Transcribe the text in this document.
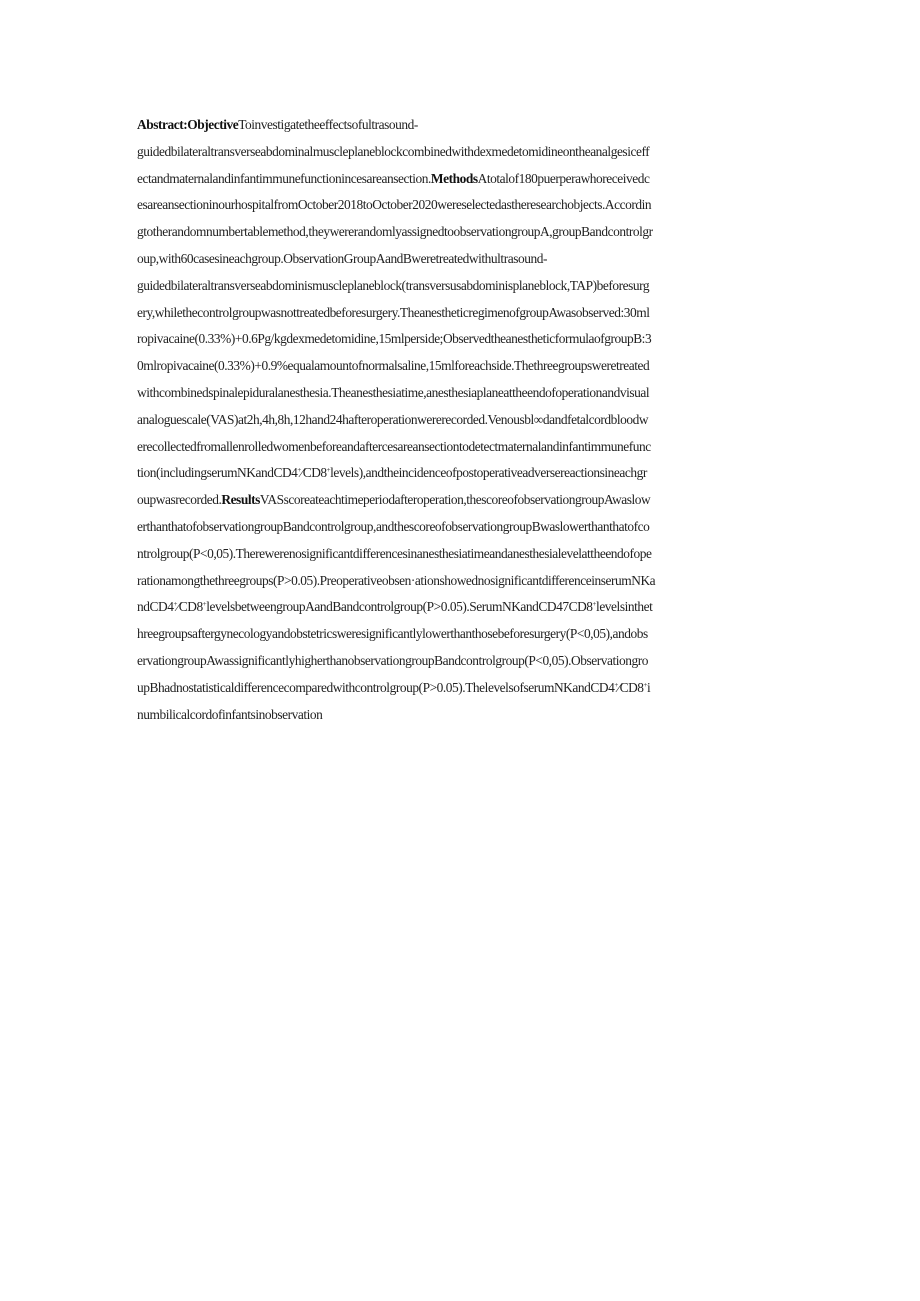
Abstract:ObjectiveToinvestigatetheeffectsofultrasound-
guidedbilateraltransverseabdominalmuscleplaneblockcombinedwithdexmedetomidineontheanalgesiceff
ectandmaternalandinfantimmunefunctionincesareansection.MethodsAtotalof180puerperawhoreceivedc
esareansectioninourhospitalfromOctober2018toOctober2020wereselectedastheresearchobjects.Accordin
gtotherandomnumbertablemethod,theywererandomlyassignedtoobservationgroupA,groupBandcontrolgr
oup,with60casesineachgroup.ObservationGroupAandBweretreatedwithultrasound-
guidedbilateraltransverseabdominismuscleplaneblock(transversusabdominisplaneblock,TAP)beforesurg
ery,whilethecontrolgroupwasnottreatedbeforesurgery.TheanestheticregimenofgroupAwasobserved:30ml
ropivacaine(0.33%)+0.6Pg/kgdexmedetomidine,15mlperside;ObservedtheanestheticformulaofgroupB:3
0mlropivacaine(0.33%)+0.9%equalamountofnormalsaline,15mlforeachside.Thethreegroupsweretreated
withcombinedspinalepiduralanesthesia.Theanesthesiatime,anesthesiaplaneattheendofoperationandvisual
analoguescale(VAS)at2h,4h,8h,12hand24hafteroperationwererecorded.Venousbl∞dandfetalcordbloodw
erecollectedfromallenrolledwomenbeforeandaftercesareansectiontodetectmaternalandinfantimmunefunc
tion(includingserumNKandCD4+⁄CD8+levels),andtheincidenceofpostoperativeadversereactionsineachgr
oupwasrecorded.ResultsVASscoreateachtimeperiodafteroperation,thescoreofobservationgroupAwaslow
erthanthatofobservationgroupBandcontrolgroup,andthescoreofobservationgroupBwaslowerthanthatofco
ntrolgroup(P<0,05).Therewerenosignificantdifferencesinanesthesiatimeandanesthesialevelattheendofope
rationamongthethreegroups(P>0.05).Preoperativeobsen·ationshowednosignificantdifferenceinserumNKa
ndCD4+⁄CD8+levelsbetweengroupAandBandcontrolgroup(P>0.05).SerumNKandCD47CD8+levelsinthet
hreegroupsaftergynecologyandobstetricsweresignificantlylowerthanthosebeforesurgery(P<0,05),andobs
ervationgroupAwassignificantlyhigherthanobservationgroupBandcontrolgroup(P<0,05).Observationgro
upBhadnostatisticaldifferencecomparedwithcontrolgroup(P>0.05).ThelevelsofserumNKandCD4+⁄CD8+i
numbilicalcordofinfantsinobservation
